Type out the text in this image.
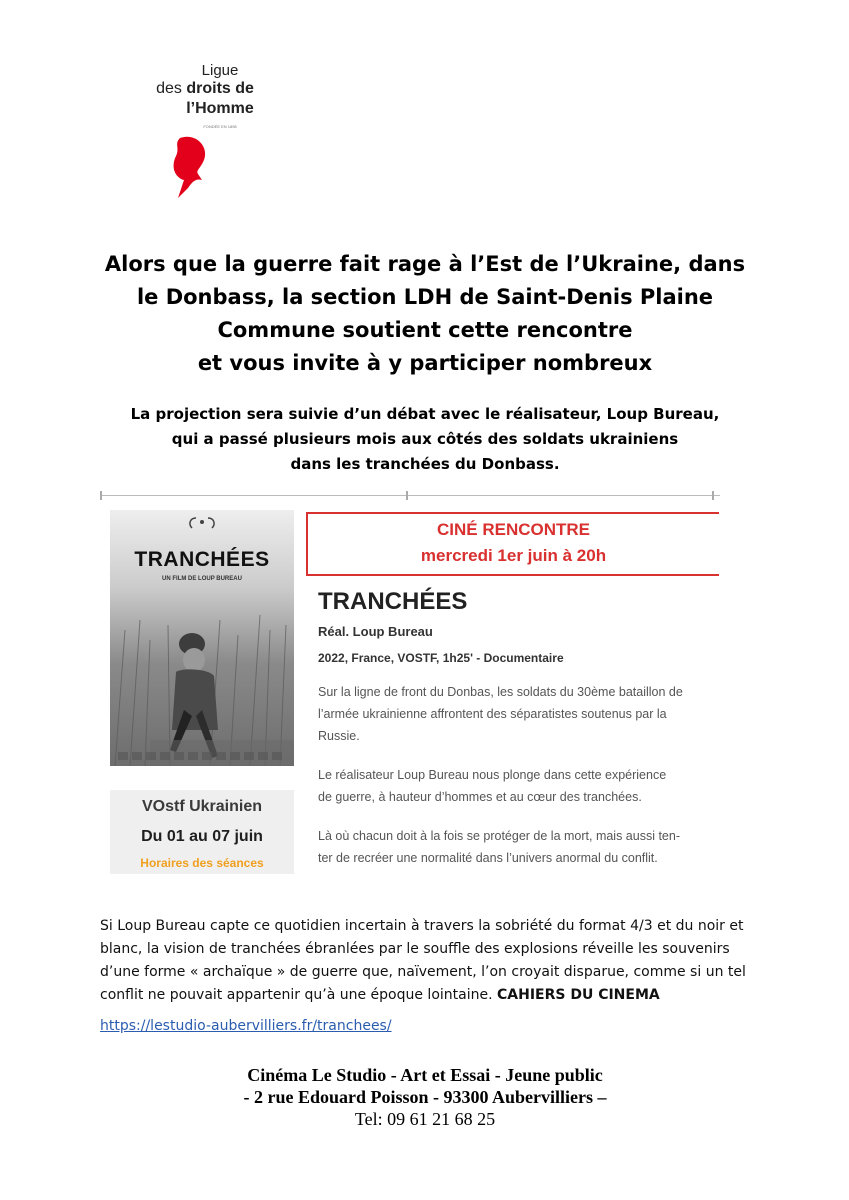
Ligue
des droits de
l’Homme
FONDÉE EN 1898
Alors que la guerre fait rage à l’Est de l’Ukraine, dans
le Donbass, la section LDH de Saint-Denis Plaine
Commune soutient cette rencontre
et vous invite à y participer nombreux
La projection sera suivie d’un débat avec le réalisateur, Loup Bureau,
qui a passé plusieurs mois aux côtés des soldats ukrainiens
dans les tranchées du Donbass.
TRANCHÉES
UN FILM DE LOUP BUREAU
VOstf Ukrainien
Du 01 au 07 juin
Horaires des séances
CINÉ RENCONTRE
mercredi 1er juin à 20h
TRANCHÉES
Réal. Loup Bureau
2022, France, VOSTF, 1h25' - Documentaire
Sur la ligne de front du Donbas, les soldats du 30ème bataillon de
l’armée ukrainienne affrontent des séparatistes soutenus par la
Russie.
Le réalisateur Loup Bureau nous plonge dans cette expérience
de guerre, à hauteur d’hommes et au cœur des tranchées.
Là où chacun doit à la fois se protéger de la mort, mais aussi ten-
ter de recréer une normalité dans l’univers anormal du conflit.
Si Loup Bureau capte ce quotidien incertain à travers la sobriété du format 4/3 et du noir et
blanc, la vision de tranchées ébranlées par le souffle des explosions réveille les souvenirs
d’une forme « archaïque » de guerre que, naïvement, l’on croyait disparue, comme si un tel
conflit ne pouvait appartenir qu’à une époque lointaine. CAHIERS DU CINEMA
https://lestudio-aubervilliers.fr/tranchees/
Cinéma Le Studio - Art et Essai - Jeune public
- 2 rue Edouard Poisson - 93300 Aubervilliers –
Tel: 09 61 21 68 25
